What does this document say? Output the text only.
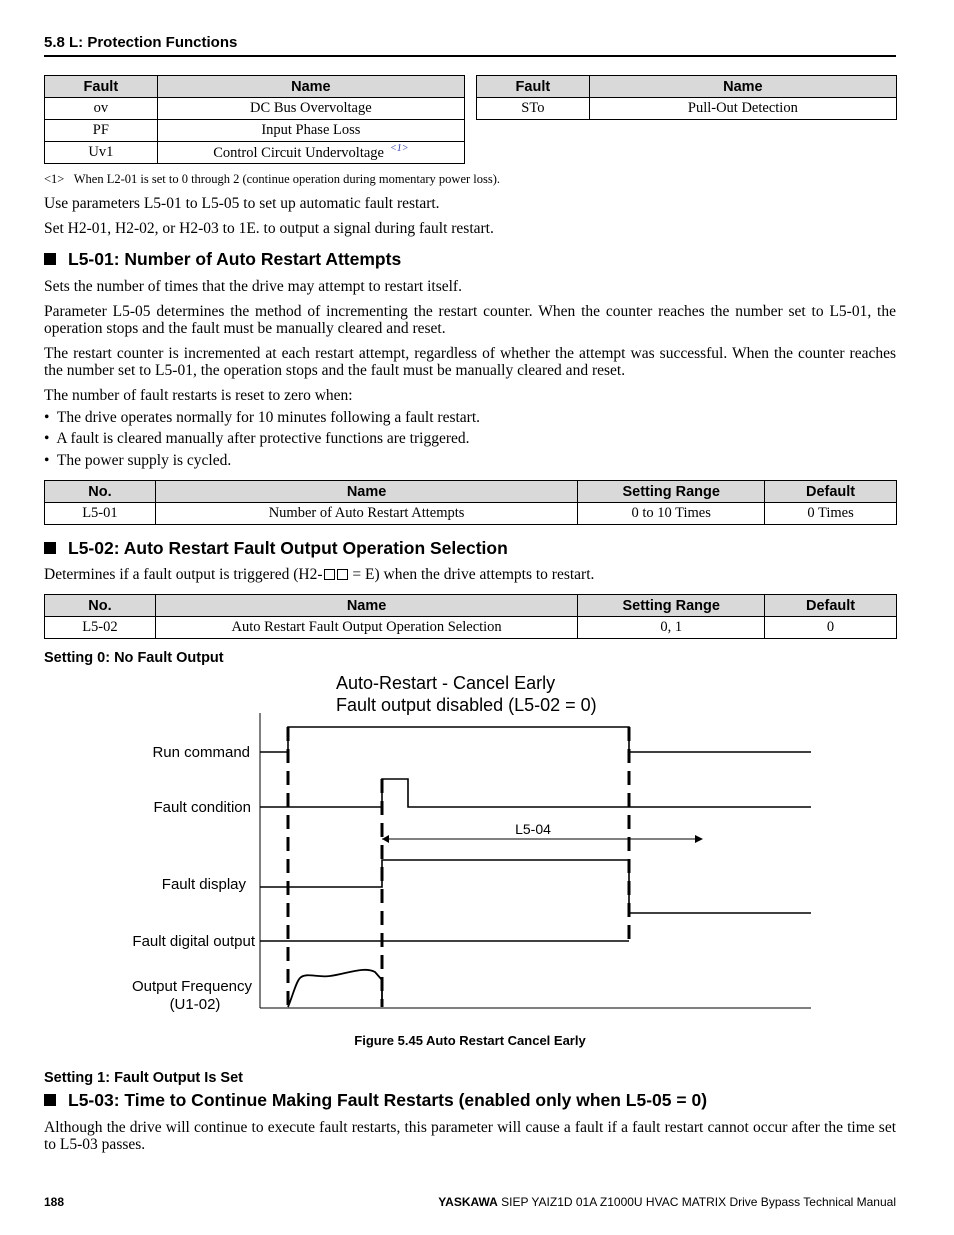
5.8 L: Protection Functions
Fault	Name
ov	DC Bus Overvoltage
PF	Input Phase Loss
Uv1	Control Circuit Undervoltage $^{<1>}$
Fault	Name
STo	Pull-Out Detection
<1>   When L2-01 is set to 0 through 2 (continue operation during momentary power loss).
Use parameters L5-01 to L5-05 to set up automatic fault restart.
Set H2-01, H2-02, or H2-03 to 1E. to output a signal during fault restart.
L5-01: Number of Auto Restart Attempts
Sets the number of times that the drive may attempt to restart itself.
Parameter L5-05 determines the method of incrementing the restart counter. When the counter reaches the number set to L5-01, the operation stops and the fault must be manually cleared and reset.
The restart counter is incremented at each restart attempt, regardless of whether the attempt was successful. When the counter reaches the number set to L5-01, the operation stops and the fault must be manually cleared and reset.
The number of fault restarts is reset to zero when:
•  The drive operates normally for 10 minutes following a fault restart.
•  A fault is cleared manually after protective functions are triggered.
•  The power supply is cycled.
No.	Name	Setting Range	Default
L5-01	Number of Auto Restart Attempts	0 to 10 Times	0 Times
L5-02: Auto Restart Fault Output Operation Selection
Determines if a fault output is triggered (H2- = E) when the drive attempts to restart.
No.	Name	Setting Range	Default
L5-02	Auto Restart Fault Output Operation Selection	0, 1	0
Setting 0: No Fault Output
Auto-Restart - Cancel Early
Fault output disabled (L5-02 = 0)
Run command
Fault condition
Fault display
Fault digital output
Output Frequency
(U1-02)
L5-04
Figure 5.45 Auto Restart Cancel Early
Setting 1: Fault Output Is Set
L5-03: Time to Continue Making Fault Restarts (enabled only when L5-05 = 0)
Although the drive will continue to execute fault restarts, this parameter will cause a fault if a fault restart cannot occur after the time set to L5-03 passes.
188	YASKAWA SIEP YAIZ1D 01A Z1000U HVAC MATRIX Drive Bypass Technical Manual
